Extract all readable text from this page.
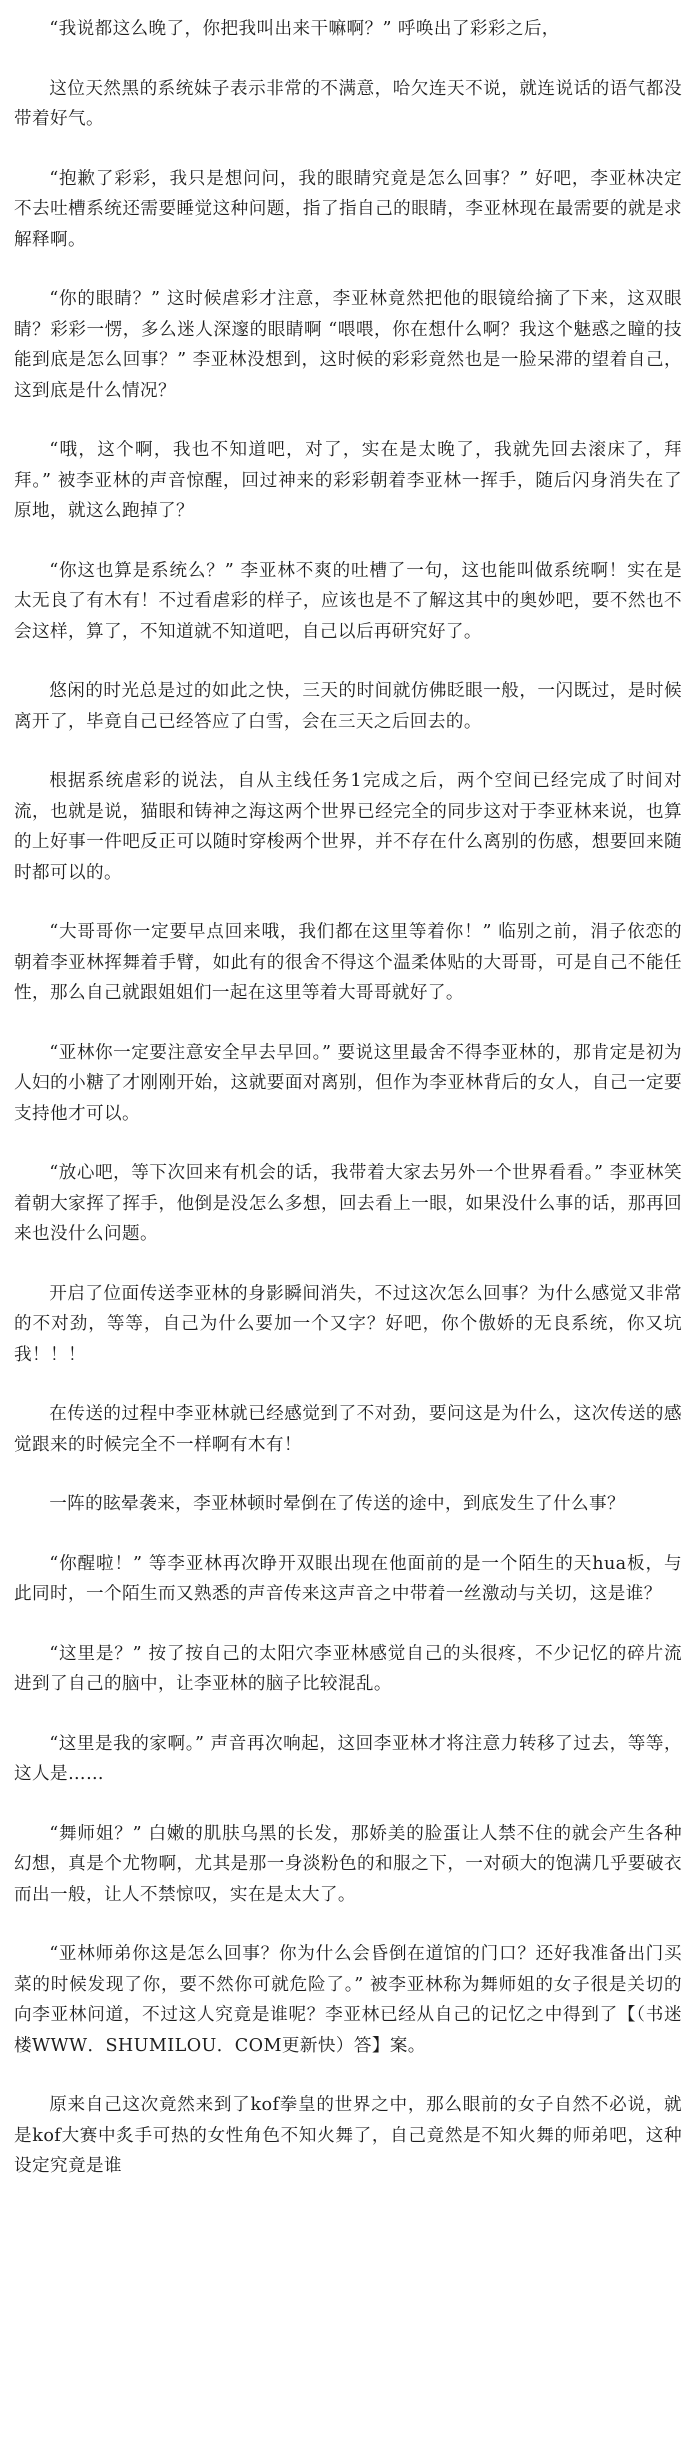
“我说都这么晚了，你把我叫出来干嘛啊？” 呼唤出了彩彩之后，

这位天然黑的系统妹子表示非常的不满意，哈欠连天不说，就连说话的语气都没带着好气。

“抱歉了彩彩，我只是想问问，我的眼睛究竟是怎么回事？” 好吧，李亚林决定不去吐槽系统还需要睡觉这种问题，指了指自己的眼睛，李亚林现在最需要的就是求解释啊。

“你的眼睛？” 这时候虐彩才注意，李亚林竟然把他的眼镜给摘了下来，这双眼睛？彩彩一愣，多么迷人深邃的眼睛啊 “喂喂，你在想什么啊？我这个魅惑之瞳的技能到底是怎么回事？” 李亚林没想到，这时候的彩彩竟然也是一脸呆滞的望着自己，这到底是什么情况？

“哦，这个啊，我也不知道吧，对了，实在是太晚了，我就先回去滚床了，拜拜。” 被李亚林的声音惊醒，回过神来的彩彩朝着李亚林一挥手，随后闪身消失在了原地，就这么跑掉了？

“你这也算是系统么？” 李亚林不爽的吐槽了一句，这也能叫做系统啊！实在是太无良了有木有！不过看虐彩的样子，应该也是不了解这其中的奥妙吧，要不然也不会这样，算了，不知道就不知道吧，自己以后再研究好了。

悠闲的时光总是过的如此之快，三天的时间就仿佛眨眼一般，一闪既过，是时候离开了，毕竟自己已经答应了白雪，会在三天之后回去的。

根据系统虐彩的说法，自从主线任务1完成之后，两个空间已经完成了时间对流，也就是说，猫眼和铸神之海这两个世界已经完全的同步这对于李亚林来说，也算的上好事一件吧反正可以随时穿梭两个世界，并不存在什么离别的伤感，想要回来随时都可以的。

“大哥哥你一定要早点回来哦，我们都在这里等着你！” 临别之前，涓子依恋的朝着李亚林挥舞着手臂，如此有的很舍不得这个温柔体贴的大哥哥，可是自己不能任性，那么自己就跟姐姐们一起在这里等着大哥哥就好了。

“亚林你一定要注意安全早去早回。” 要说这里最舍不得李亚林的，那肯定是初为人妇的小糖了才刚刚开始，这就要面对离别，但作为李亚林背后的女人，自己一定要支持他才可以。

“放心吧，等下次回来有机会的话，我带着大家去另外一个世界看看。” 李亚林笑着朝大家挥了挥手，他倒是没怎么多想，回去看上一眼，如果没什么事的话，那再回来也没什么问题。

开启了位面传送李亚林的身影瞬间消失，不过这次怎么回事？为什么感觉又非常的不对劲，等等，自己为什么要加一个又字？好吧，你个傲娇的无良系统，你又坑我！！！

在传送的过程中李亚林就已经感觉到了不对劲，要问这是为什么，这次传送的感觉跟来的时候完全不一样啊有木有！

一阵的眩晕袭来，李亚林顿时晕倒在了传送的途中，到底发生了什么事？

“你醒啦！” 等李亚林再次睁开双眼出现在他面前的是一个陌生的天hua板，与此同时，一个陌生而又熟悉的声音传来这声音之中带着一丝激动与关切，这是谁？

“这里是？” 按了按自己的太阳穴李亚林感觉自己的头很疼，不少记忆的碎片流进到了自己的脑中，让李亚林的脑子比较混乱。

“这里是我的家啊。” 声音再次响起，这回李亚林才将注意力转移了过去，等等，这人是……

“舞师姐？” 白嫩的肌肤乌黑的长发，那娇美的脸蛋让人禁不住的就会产生各种幻想，真是个尤物啊，尤其是那一身淡粉色的和服之下，一对硕大的饱满几乎要破衣而出一般，让人不禁惊叹，实在是太大了。

“亚林师弟你这是怎么回事？你为什么会昏倒在道馆的门口？还好我准备出门买菜的时候发现了你，要不然你可就危险了。” 被李亚林称为舞师姐的女子很是关切的向李亚林问道，不过这人究竟是谁呢？李亚林已经从自己的记忆之中得到了【（书迷楼WWW．SHUMILOU．COM更新快）答】案。

原来自己这次竟然来到了kof拳皇的世界之中，那么眼前的女子自然不必说，就是kof大赛中炙手可热的女性角色不知火舞了，自己竟然是不知火舞的师弟吧，这种设定究竟是谁
